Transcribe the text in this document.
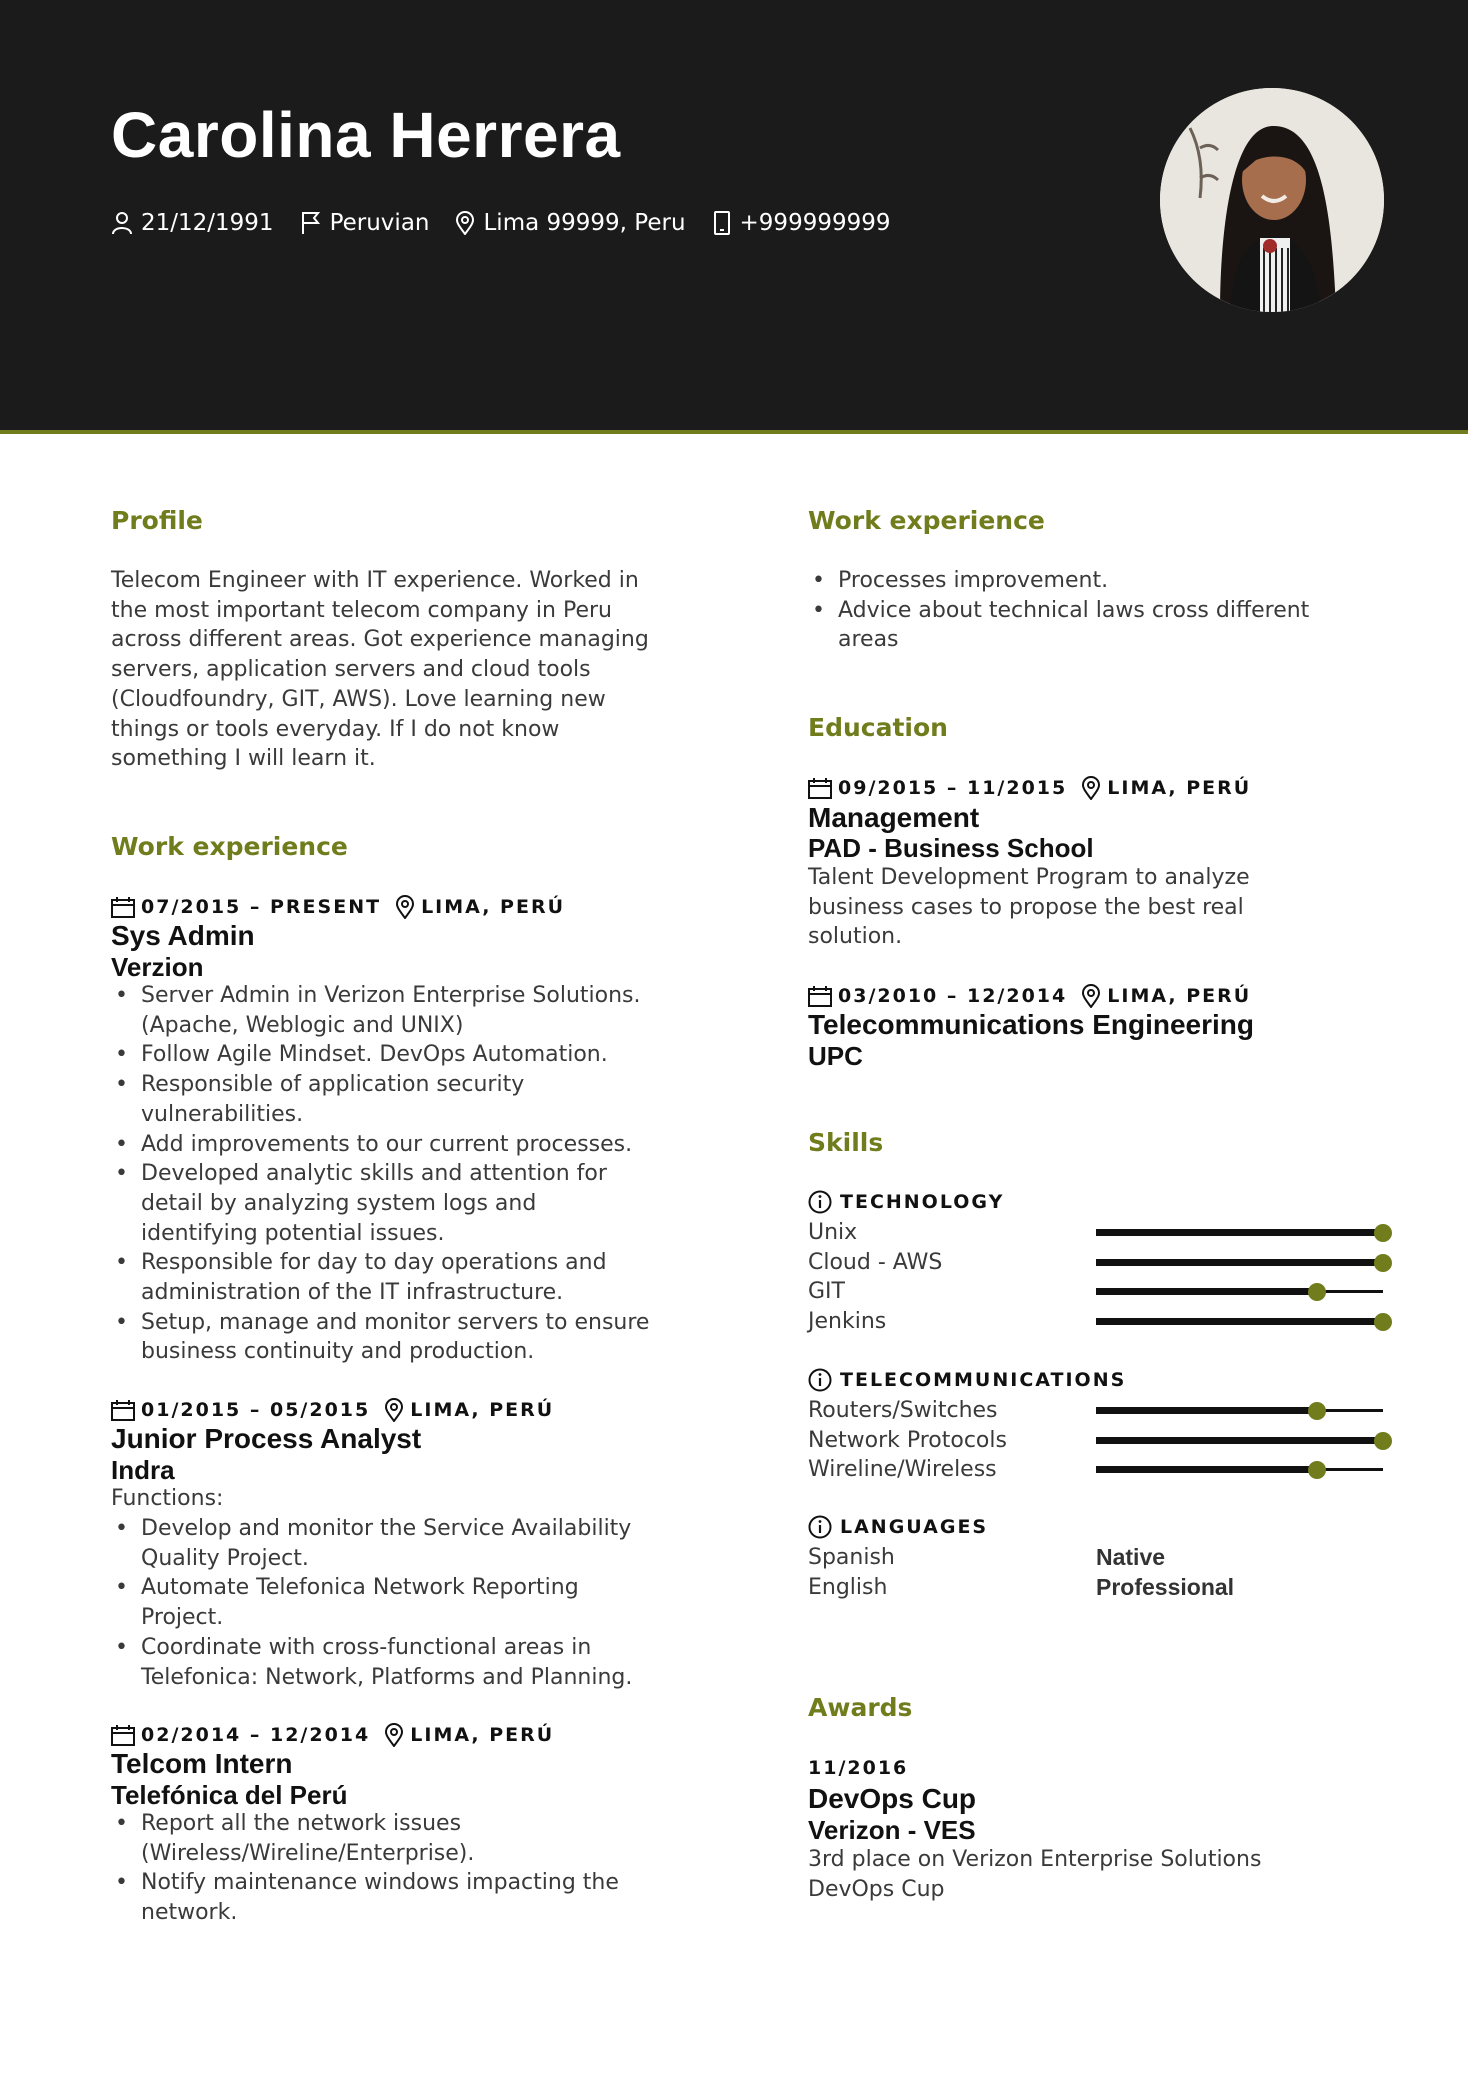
Carolina Herrera
21/12/1991 Peruvian Lima 99999, Peru +999999999
Profile
Telecom Engineer with IT experience. Worked in
the most important telecom company in Peru
across different areas. Got experience managing
servers, application servers and cloud tools
(Cloudfoundry, GIT, AWS). Love learning new
things or tools everyday. If I do not know
something I will learn it.
Work experience
07/2015 – PRESENT LIMA, PERÚ
Sys Admin
Verzion
• Server Admin in Verizon Enterprise Solutions.
(Apache, Weblogic and UNIX)
• Follow Agile Mindset. DevOps Automation.
• Responsible of application security
vulnerabilities.
• Add improvements to our current processes.
• Developed analytic skills and attention for
detail by analyzing system logs and
identifying potential issues.
• Responsible for day to day operations and
administration of the IT infrastructure.
• Setup, manage and monitor servers to ensure
business continuity and production.
01/2015 – 05/2015 LIMA, PERÚ
Junior Process Analyst
Indra
Functions:
• Develop and monitor the Service Availability
Quality Project.
• Automate Telefonica Network Reporting
Project.
• Coordinate with cross-functional areas in
Telefonica: Network, Platforms and Planning.
02/2014 – 12/2014 LIMA, PERÚ
Telcom Intern
Telefónica del Perú
• Report all the network issues
(Wireless/Wireline/Enterprise).
• Notify maintenance windows impacting the
network.
Work experience
• Processes improvement.
• Advice about technical laws cross different
areas
Education
09/2015 – 11/2015 LIMA, PERÚ
Management
PAD - Business School
Talent Development Program to analyze
business cases to propose the best real
solution.
03/2010 – 12/2014 LIMA, PERÚ
Telecommunications Engineering
UPC
Skills
TECHNOLOGY
Unix
Cloud - AWS
GIT
Jenkins
TELECOMMUNICATIONS
Routers/Switches
Network Protocols
Wireline/Wireless
LANGUAGES
Spanish	Native
English	Professional
Awards
11/2016
DevOps Cup
Verizon - VES
3rd place on Verizon Enterprise Solutions
DevOps Cup
